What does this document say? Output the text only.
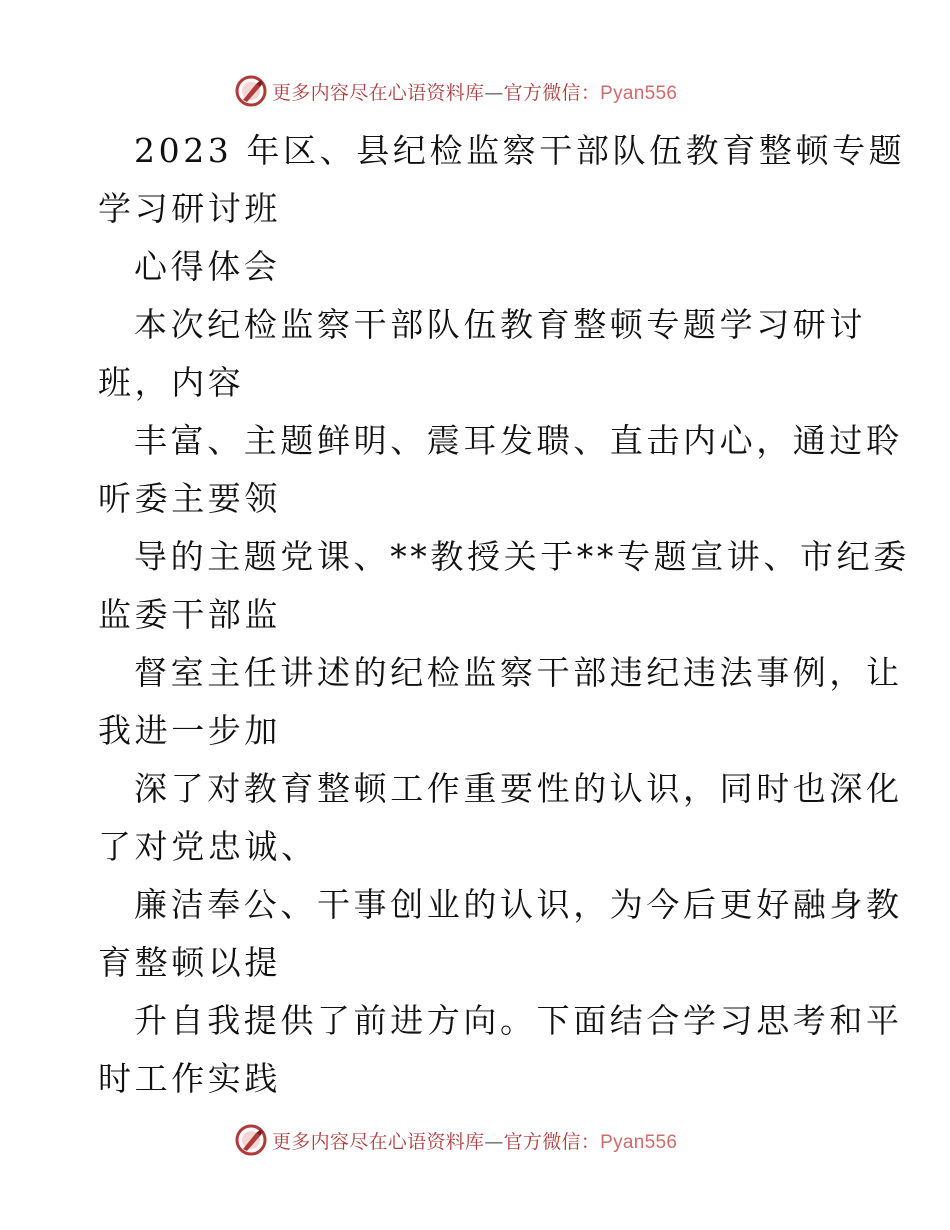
更多内容尽在心语资料库—官方微信：Pyan556
2023 年区、县纪检监察干部队伍教育整顿专题
学习研讨班
心得体会
本次纪检监察干部队伍教育整顿专题学习研讨
班，内容
丰富、主题鲜明、震耳发聩、直击内心，通过聆
听委主要领
导的主题党课、**教授关于**专题宣讲、市纪委
监委干部监
督室主任讲述的纪检监察干部违纪违法事例，让
我进一步加
深了对教育整顿工作重要性的认识，同时也深化
了对党忠诚、
廉洁奉公、干事创业的认识，为今后更好融身教
育整顿以提
升自我提供了前进方向。下面结合学习思考和平
时工作实践
更多内容尽在心语资料库—官方微信：Pyan556
